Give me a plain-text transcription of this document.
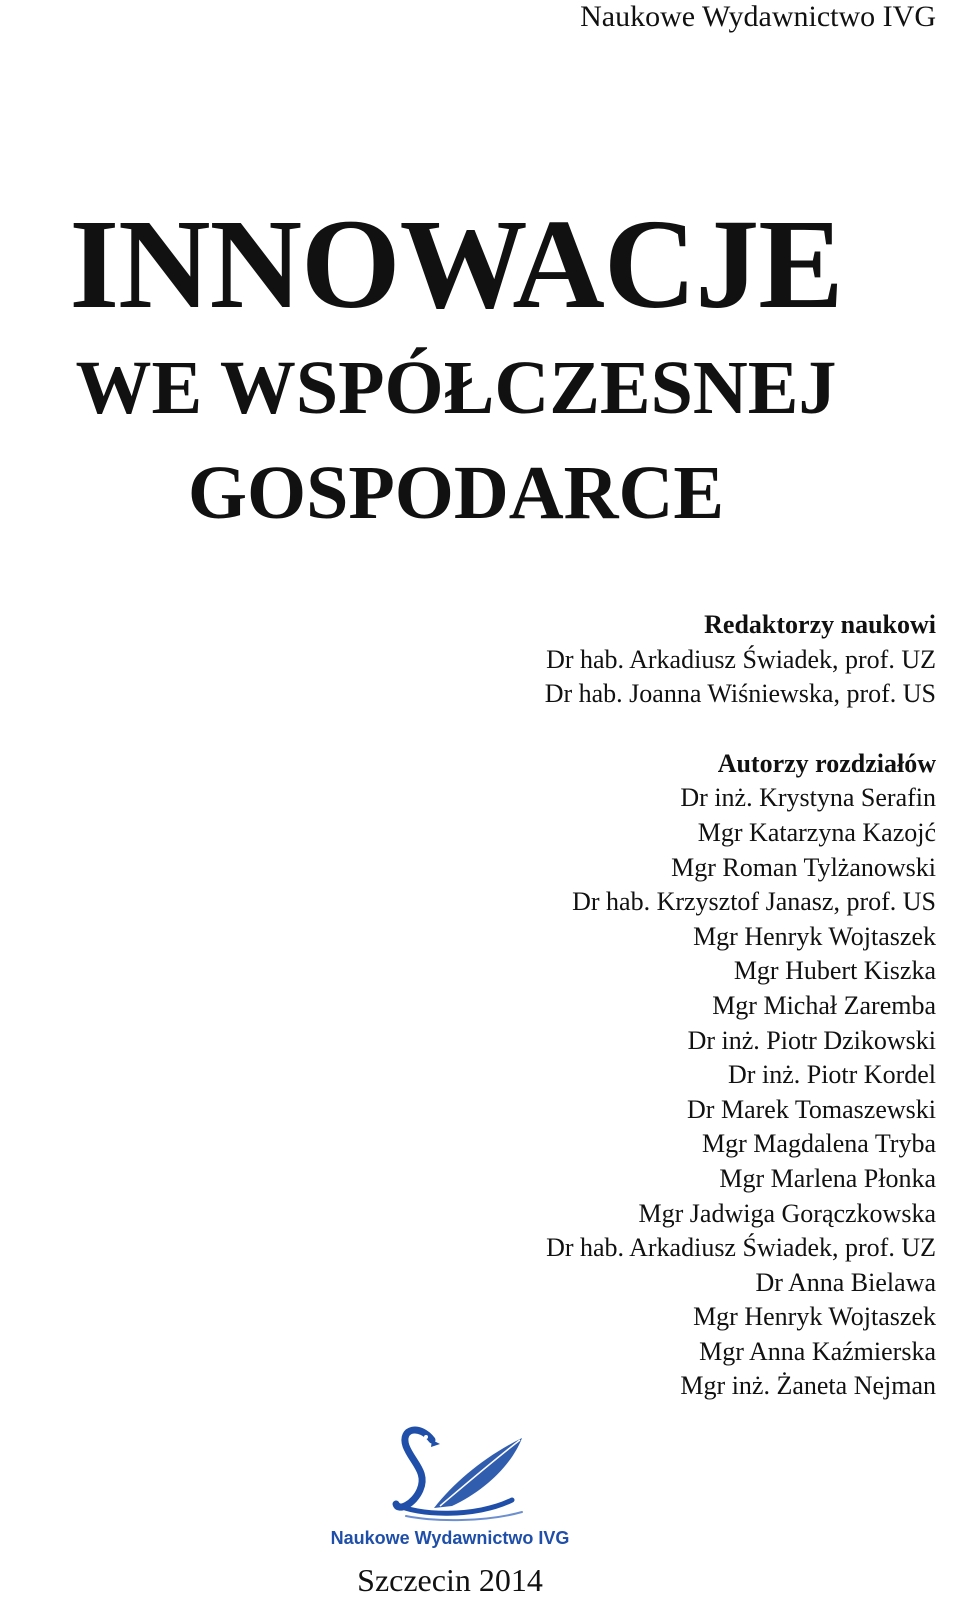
Naukowe Wydawnictwo IVG
INNOWACJE
WE WSPÓŁCZESNEJ
GOSPODARCE

Redaktorzy naukowi

Dr hab. Arkadiusz Świadek, prof. UZ

Dr hab. Joanna Wiśniewska, prof. US

Autorzy rozdziałów

Dr inż. Krystyna Serafin

Mgr Katarzyna Kazojć

Mgr Roman Tylżanowski

Dr hab. Krzysztof Janasz, prof. US

Mgr Henryk Wojtaszek

Mgr Hubert Kiszka

Mgr Michał Zaremba

Dr inż. Piotr Dzikowski

Dr inż. Piotr Kordel

Dr Marek Tomaszewski

Mgr Magdalena Tryba

Mgr Marlena Płonka

Mgr Jadwiga Gorączkowska

Dr hab. Arkadiusz Świadek, prof. UZ

Dr Anna Bielawa

Mgr Henryk Wojtaszek

Mgr Anna Kaźmierska

Mgr inż. Żaneta Nejman

Naukowe Wydawnictwo IVG
Szczecin 2014
